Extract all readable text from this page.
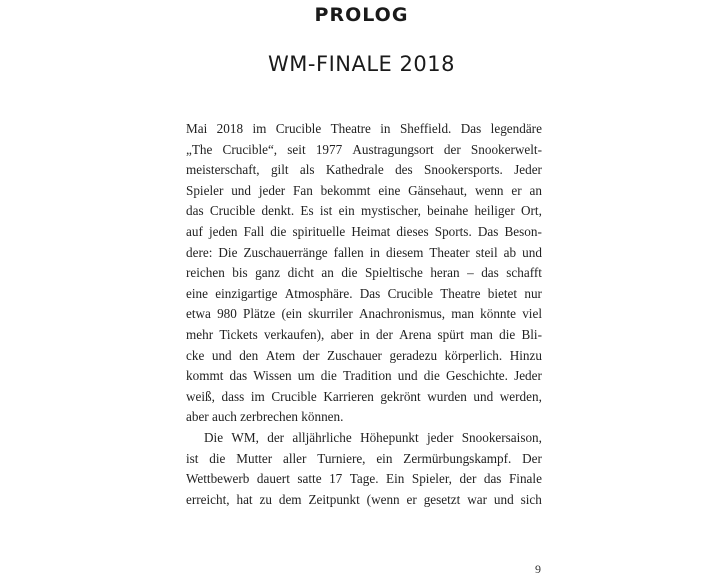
PROLOG
WM-FINALE 2018
Mai 2018 im Crucible Theatre in Sheffield. Das legendäre
„The Crucible“, seit 1977 Austragungsort der Snookerwelt-
meisterschaft, gilt als Kathedrale des Snookersports. Jeder
Spieler und jeder Fan bekommt eine Gänsehaut, wenn er an
das Crucible denkt. Es ist ein mystischer, beinahe heiliger Ort,
auf jeden Fall die spirituelle Heimat dieses Sports. Das Beson-
dere: Die Zuschauerränge fallen in diesem Theater steil ab und
reichen bis ganz dicht an die Spieltische heran – das schafft
eine einzigartige Atmosphäre. Das Crucible Theatre bietet nur
etwa 980 Plätze (ein skurriler Anachronismus, man könnte viel
mehr Tickets verkaufen), aber in der Arena spürt man die Bli-
cke und den Atem der Zuschauer geradezu körperlich. Hinzu
kommt das Wissen um die Tradition und die Geschichte. Jeder
weiß, dass im Crucible Karrieren gekrönt wurden und werden,
aber auch zerbrechen können.
Die WM, der alljährliche Höhepunkt jeder Snookersaison,
ist die Mutter aller Turniere, ein Zermürbungskampf. Der
Wettbewerb dauert satte 17 Tage. Ein Spieler, der das Finale
erreicht, hat zu dem Zeitpunkt (wenn er gesetzt war und sich
9
